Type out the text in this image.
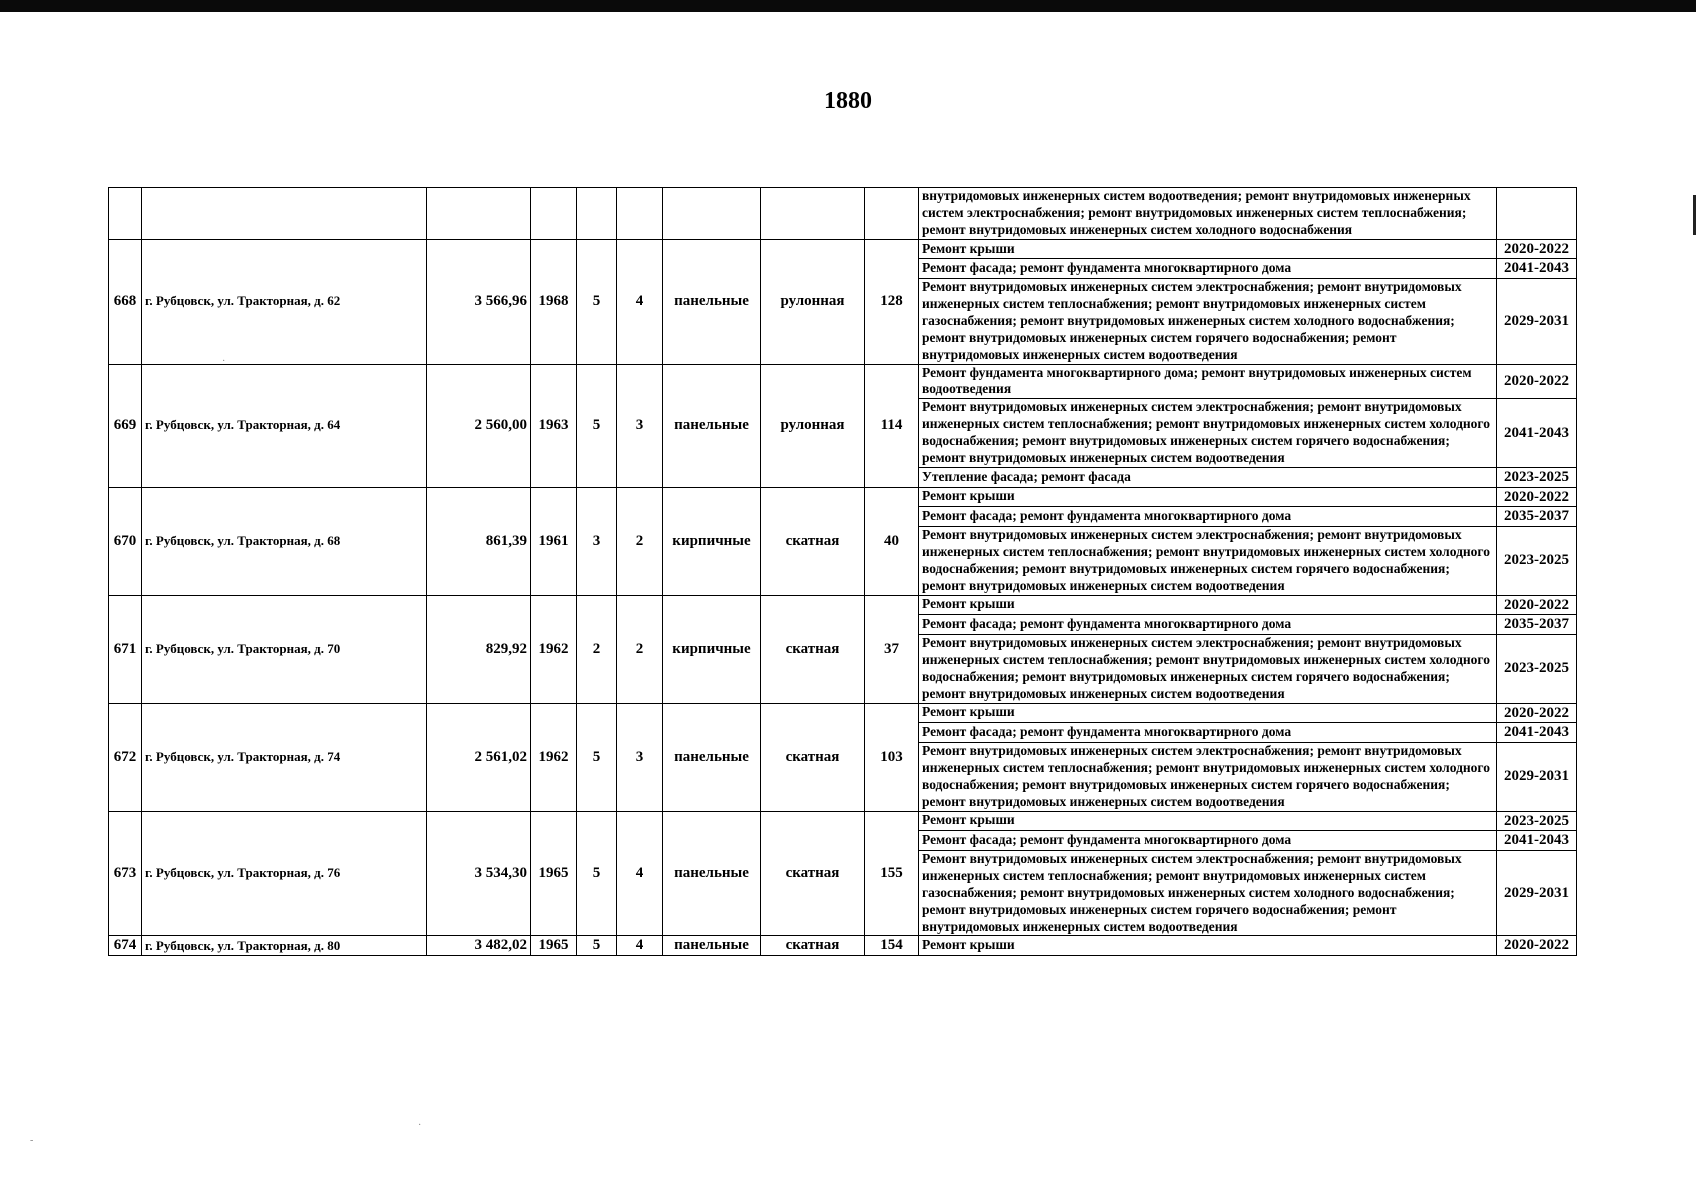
1880
									внутридомовых инженерных систем водоотведения; ремонт внутридомовых инженерных систем электроснабжения; ремонт внутридомовых инженерных систем теплоснабжения; ремонт внутридомовых инженерных систем холодного водоснабжения	
668	г. Рубцовск, ул. Тракторная, д. 62	3 566,96	1968	5	4	панельные	рулонная	128	Ремонт крыши	2020-2022
									Ремонт фасада; ремонт фундамента многоквартирного дома	2041-2043
									Ремонт внутридомовых инженерных систем электроснабжения; ремонт внутридомовых инженерных систем теплоснабжения; ремонт внутридомовых инженерных систем газоснабжения; ремонт внутридомовых инженерных систем холодного водоснабжения; ремонт внутридомовых инженерных систем горячего водоснабжения; ремонт внутридомовых инженерных систем водоотведения	2029-2031
669	г. Рубцовск, ул. Тракторная, д. 64	2 560,00	1963	5	3	панельные	рулонная	114	Ремонт фундамента многоквартирного дома; ремонт внутридомовых инженерных систем водоотведения	2020-2022
									Ремонт внутридомовых инженерных систем электроснабжения; ремонт внутридомовых инженерных систем теплоснабжения; ремонт внутридомовых инженерных систем холодного водоснабжения; ремонт внутридомовых инженерных систем горячего водоснабжения; ремонт внутридомовых инженерных систем водоотведения	2041-2043
									Утепление фасада; ремонт фасада	2023-2025
670	г. Рубцовск, ул. Тракторная, д. 68	861,39	1961	3	2	кирпичные	скатная	40	Ремонт крыши	2020-2022
									Ремонт фасада; ремонт фундамента многоквартирного дома	2035-2037
									Ремонт внутридомовых инженерных систем электроснабжения; ремонт внутридомовых инженерных систем теплоснабжения; ремонт внутридомовых инженерных систем холодного водоснабжения; ремонт внутридомовых инженерных систем горячего водоснабжения; ремонт внутридомовых инженерных систем водоотведения	2023-2025
671	г. Рубцовск, ул. Тракторная, д. 70	829,92	1962	2	2	кирпичные	скатная	37	Ремонт крыши	2020-2022
									Ремонт фасада; ремонт фундамента многоквартирного дома	2035-2037
									Ремонт внутридомовых инженерных систем электроснабжения; ремонт внутридомовых инженерных систем теплоснабжения; ремонт внутридомовых инженерных систем холодного водоснабжения; ремонт внутридомовых инженерных систем горячего водоснабжения; ремонт внутридомовых инженерных систем водоотведения	2023-2025
672	г. Рубцовск, ул. Тракторная, д. 74	2 561,02	1962	5	3	панельные	скатная	103	Ремонт крыши	2020-2022
									Ремонт фасада; ремонт фундамента многоквартирного дома	2041-2043
									Ремонт внутридомовых инженерных систем электроснабжения; ремонт внутридомовых инженерных систем теплоснабжения; ремонт внутридомовых инженерных систем холодного водоснабжения; ремонт внутридомовых инженерных систем горячего водоснабжения; ремонт внутридомовых инженерных систем водоотведения	2029-2031
673	г. Рубцовск, ул. Тракторная, д. 76	3 534,30	1965	5	4	панельные	скатная	155	Ремонт крыши	2023-2025
									Ремонт фасада; ремонт фундамента многоквартирного дома	2041-2043
									Ремонт внутридомовых инженерных систем электроснабжения; ремонт внутридомовых инженерных систем теплоснабжения; ремонт внутридомовых инженерных систем газоснабжения; ремонт внутридомовых инженерных систем холодного водоснабжения; ремонт внутридомовых инженерных систем горячего водоснабжения; ремонт внутридомовых инженерных систем водоотведения	2029-2031
674	г. Рубцовск, ул. Тракторная, д. 80	3 482,02	1965	5	4	панельные	скатная	154	Ремонт крыши	2020-2022
·
-
·
